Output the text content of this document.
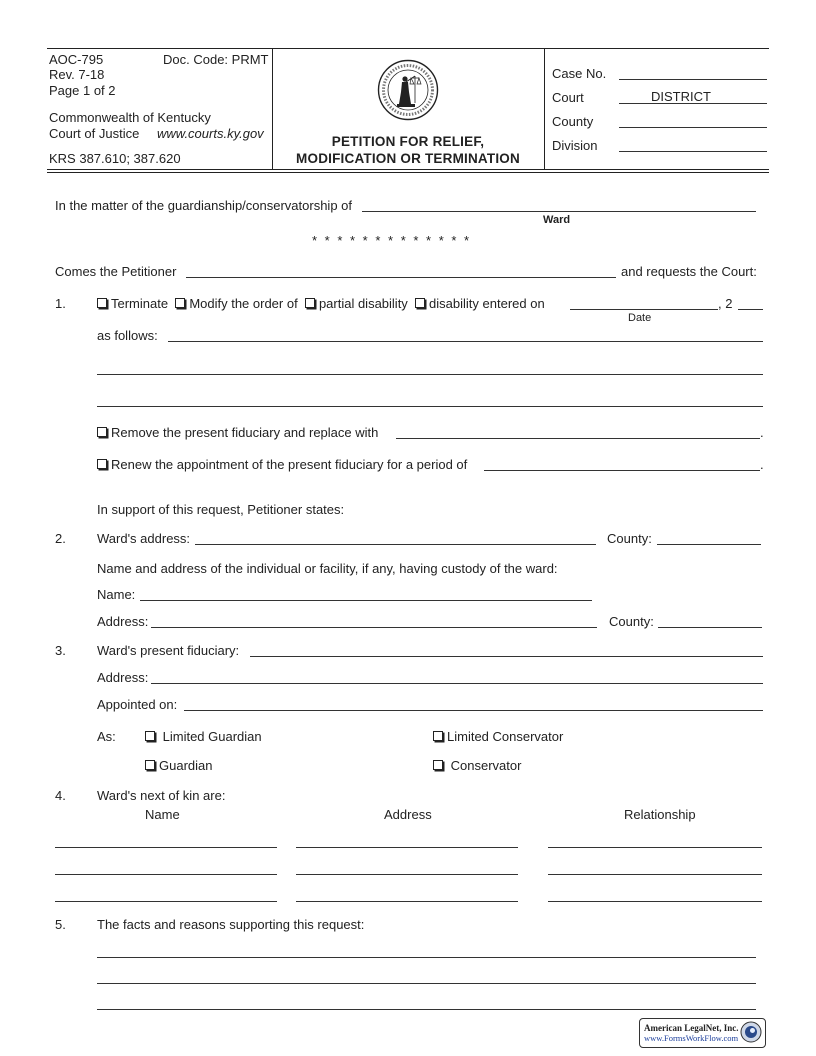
AOC-795	Doc. Code: PRMT
Rev. 7-18
Page 1 of 2
Commonwealth of Kentucky
Court of Justice www.courts.ky.gov
KRS 387.610; 387.620
PETITION FOR RELIEF,
MODIFICATION OR TERMINATION
Case No.
Court	DISTRICT
County
Division
In the matter of the guardianship/conservatorship of
Ward
* * * * * * * * * * * * *
Comes the Petitioner	and requests the Court:
1.	Terminate Modify the order of partial disability disability entered on	, 2
Date
as follows:
Remove the present fiduciary and replace with	.
Renew the appointment of the present fiduciary for a period of	.
In support of this request, Petitioner states:
2. Ward's address:	County:
Name and address of the individual or facility, if any, having custody of the ward:
Name:
Address:	County:
3. Ward's present fiduciary:
Address:
Appointed on:
As:	Limited Guardian	Limited Conservator
Guardian	Conservator
4. Ward's next of kin are:
Name	Address	Relationship
5. The facts and reasons supporting this request:
American LegalNet, Inc.
www.FormsWorkFlow.com
